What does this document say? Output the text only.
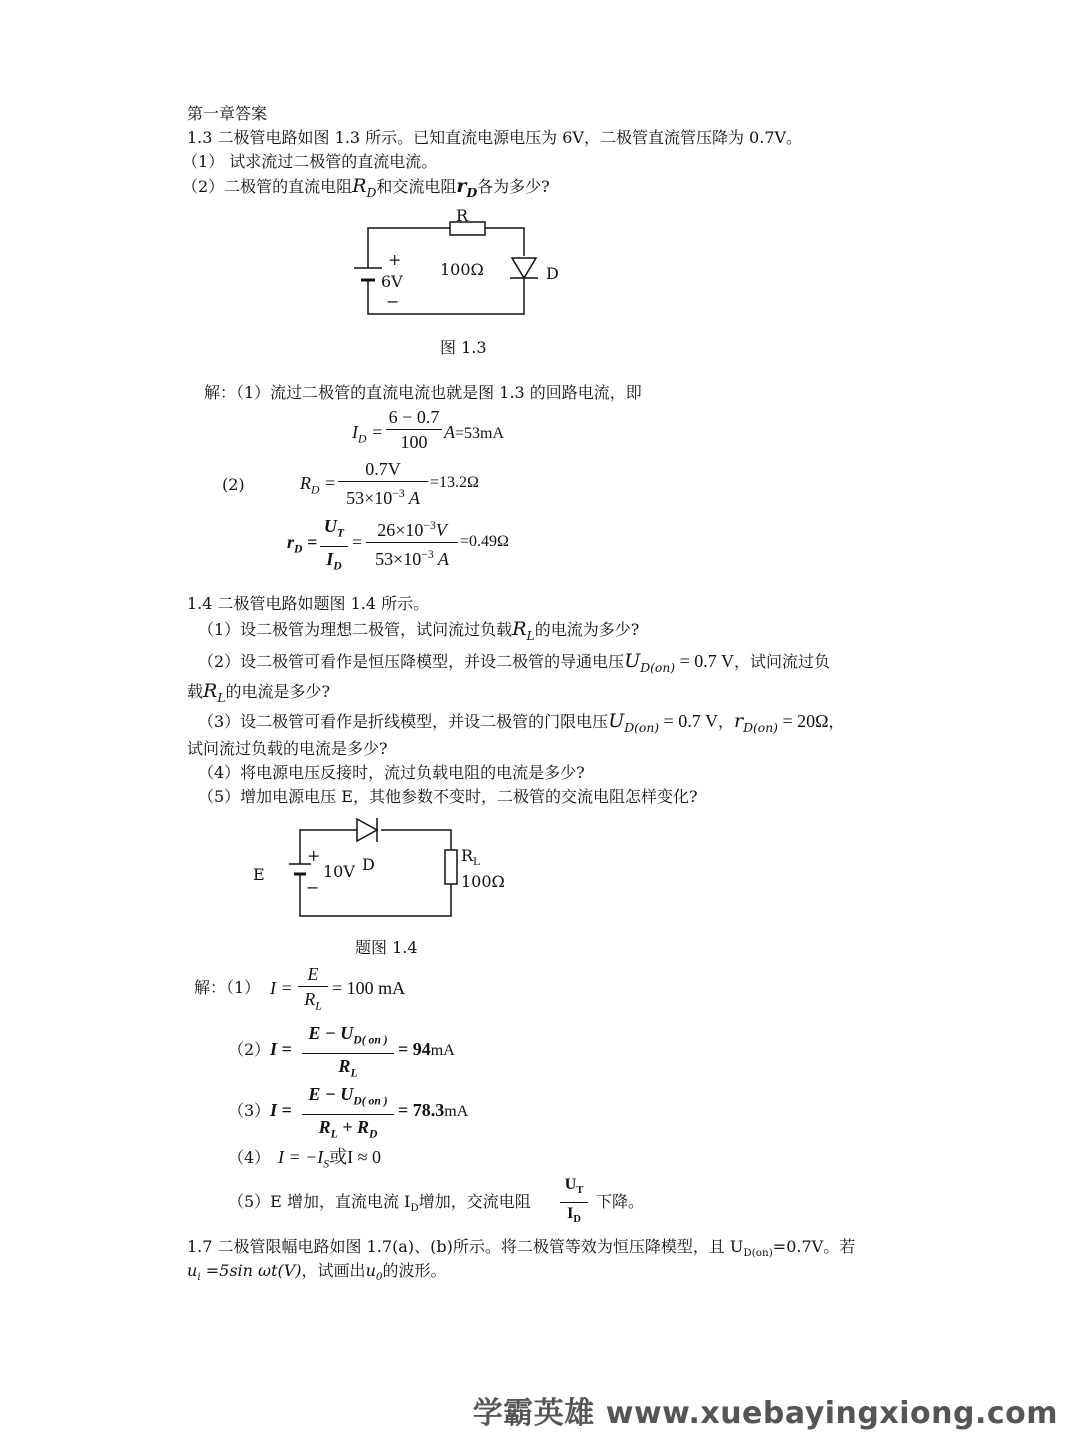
第一章答案
1.3 二极管电路如图 1.3 所示。已知直流电源电压为 6V，二极管直流管压降为 0.7V。
（1） 试求流过二极管的直流电流。
（2）二极管的直流电阻$R_D$和交流电阻$r_D$各为多少?
R
+
6V
−
100Ω	D
图 1.3
解：（1）流过二极管的直流电流也就是图 1.3 的回路电流，即
$I_D$ =
6 − 0.7
100 A=53mA
(2)	$R_D$ =
0.7V
$53\times 10^{-3}$ A
=13.2Ω
$r_D$ =
$U_T$
$I_D$
=
$26\times 10^{-3}V$
$53\times 10^{-3}$ A
=0.49Ω
1.4 二极管电路如题图 1.4 所示。
（1）设二极管为理想二极管，试问流过负载$R_L$的电流为多少?
（2）设二极管可看作是恒压降模型，并设二极管的导通电压$U_{D(on)} = 0.7$ V，试问流过负
载$R_L$的电流是多少?
（3）设二极管可看作是折线模型，并设二极管的门限电压$U_{D(on)} = 0.7$ V，$r_{D(on)} = 20\Omega$，
试问流过负载的电流是多少?
（4）将电源电压反接时，流过负载电阻的电流是多少?
（5）增加电源电压 E，其他参数不变时，二极管的交流电阻怎样变化?
E
+
10V
−
D	$R_L$
100Ω
题图 1.4
解：（1） I =
E
$R_L$
= 100 mA
（2） I =
$E - U_{D( on )}$
$R_L$
= 94mA
（3） I =
$E - U_{D( on )}$
$R_L + R_D$
= 78.3mA
（4） $I = -I_S$或I ≈ 0
（5）E 增加，直流电流 $I_D$增加，交流电阻
$U_T$
$I_D$
下降。
1.7 二极管限幅电路如图 1.7(a)、(b)所示。将二极管等效为恒压降模型，且 $U_{D(on)}=0.7V$。若
$u_i =5\sin$ ωt(V)，试画出$u_0$的波形。
学霸英雄 www.xuebayingxiong.com
